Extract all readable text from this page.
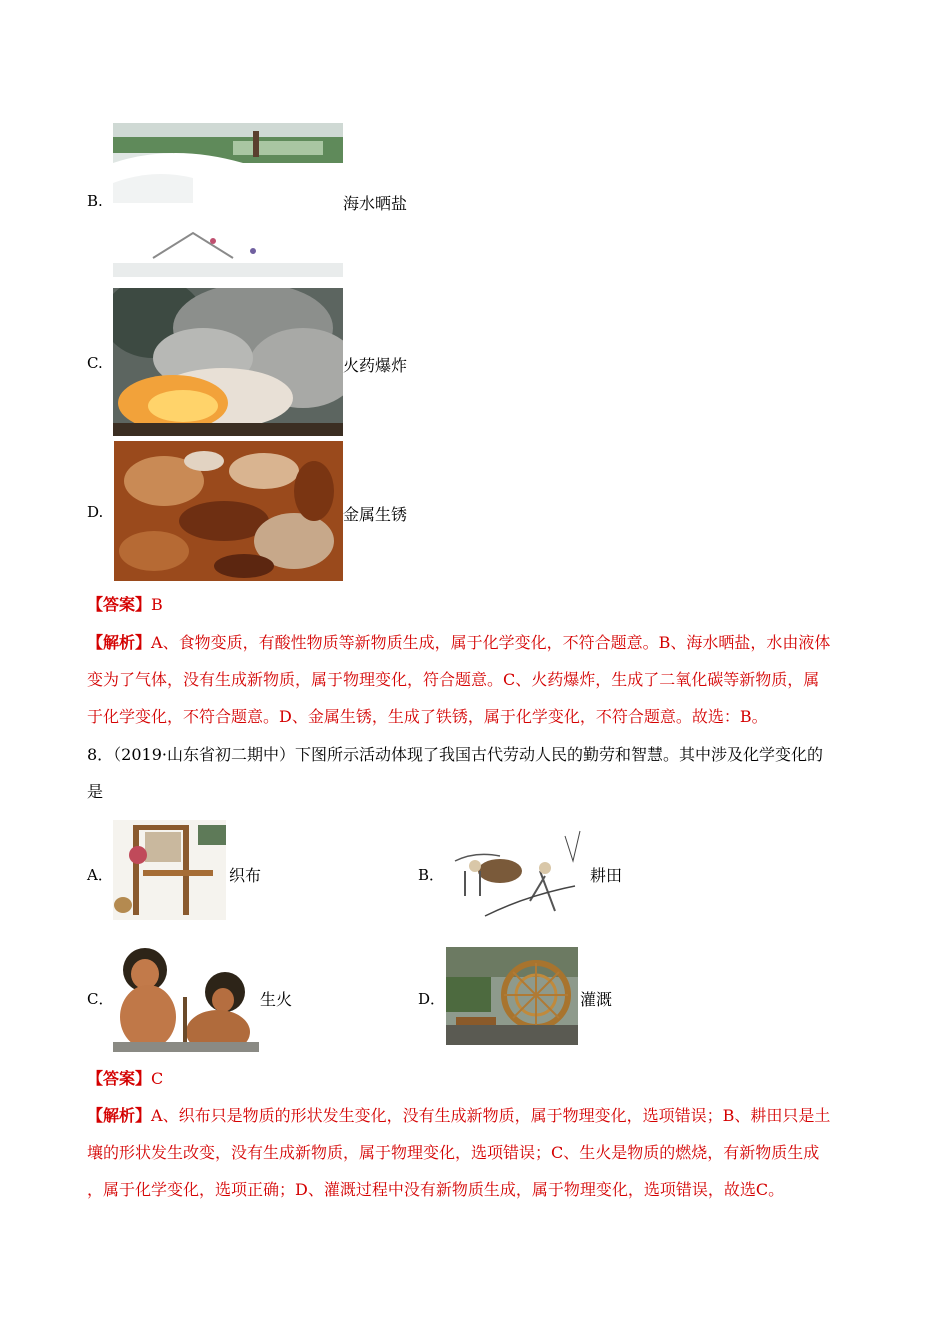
B.	海水晒盐
C.	火药爆炸
D.	金属生锈
【答案】B
【解析】A、食物变质，有酸性物质等新物质生成，属于化学变化，不符合题意。B、海水晒盐，水由液体
变为了气体，没有生成新物质，属于物理变化，符合题意。C、火药爆炸，生成了二氧化碳等新物质，属
于化学变化，不符合题意。D、金属生锈，生成了铁锈，属于化学变化，不符合题意。故选：B。
8．（2019·山东省初二期中）下图所示活动体现了我国古代劳动人民的勤劳和智慧。其中涉及化学变化的
是
A．	织布	B．	耕田
C．	生火	D．	灌溉
【答案】C
【解析】A、织布只是物质的形状发生变化，没有生成新物质，属于物理变化，选项错误；B、耕田只是土
壤的形状发生改变，没有生成新物质，属于物理变化，选项错误；C、生火是物质的燃烧，有新物质生成
，属于化学变化，选项正确；D、灌溉过程中没有新物质生成，属于物理变化，选项错误，故选C。
